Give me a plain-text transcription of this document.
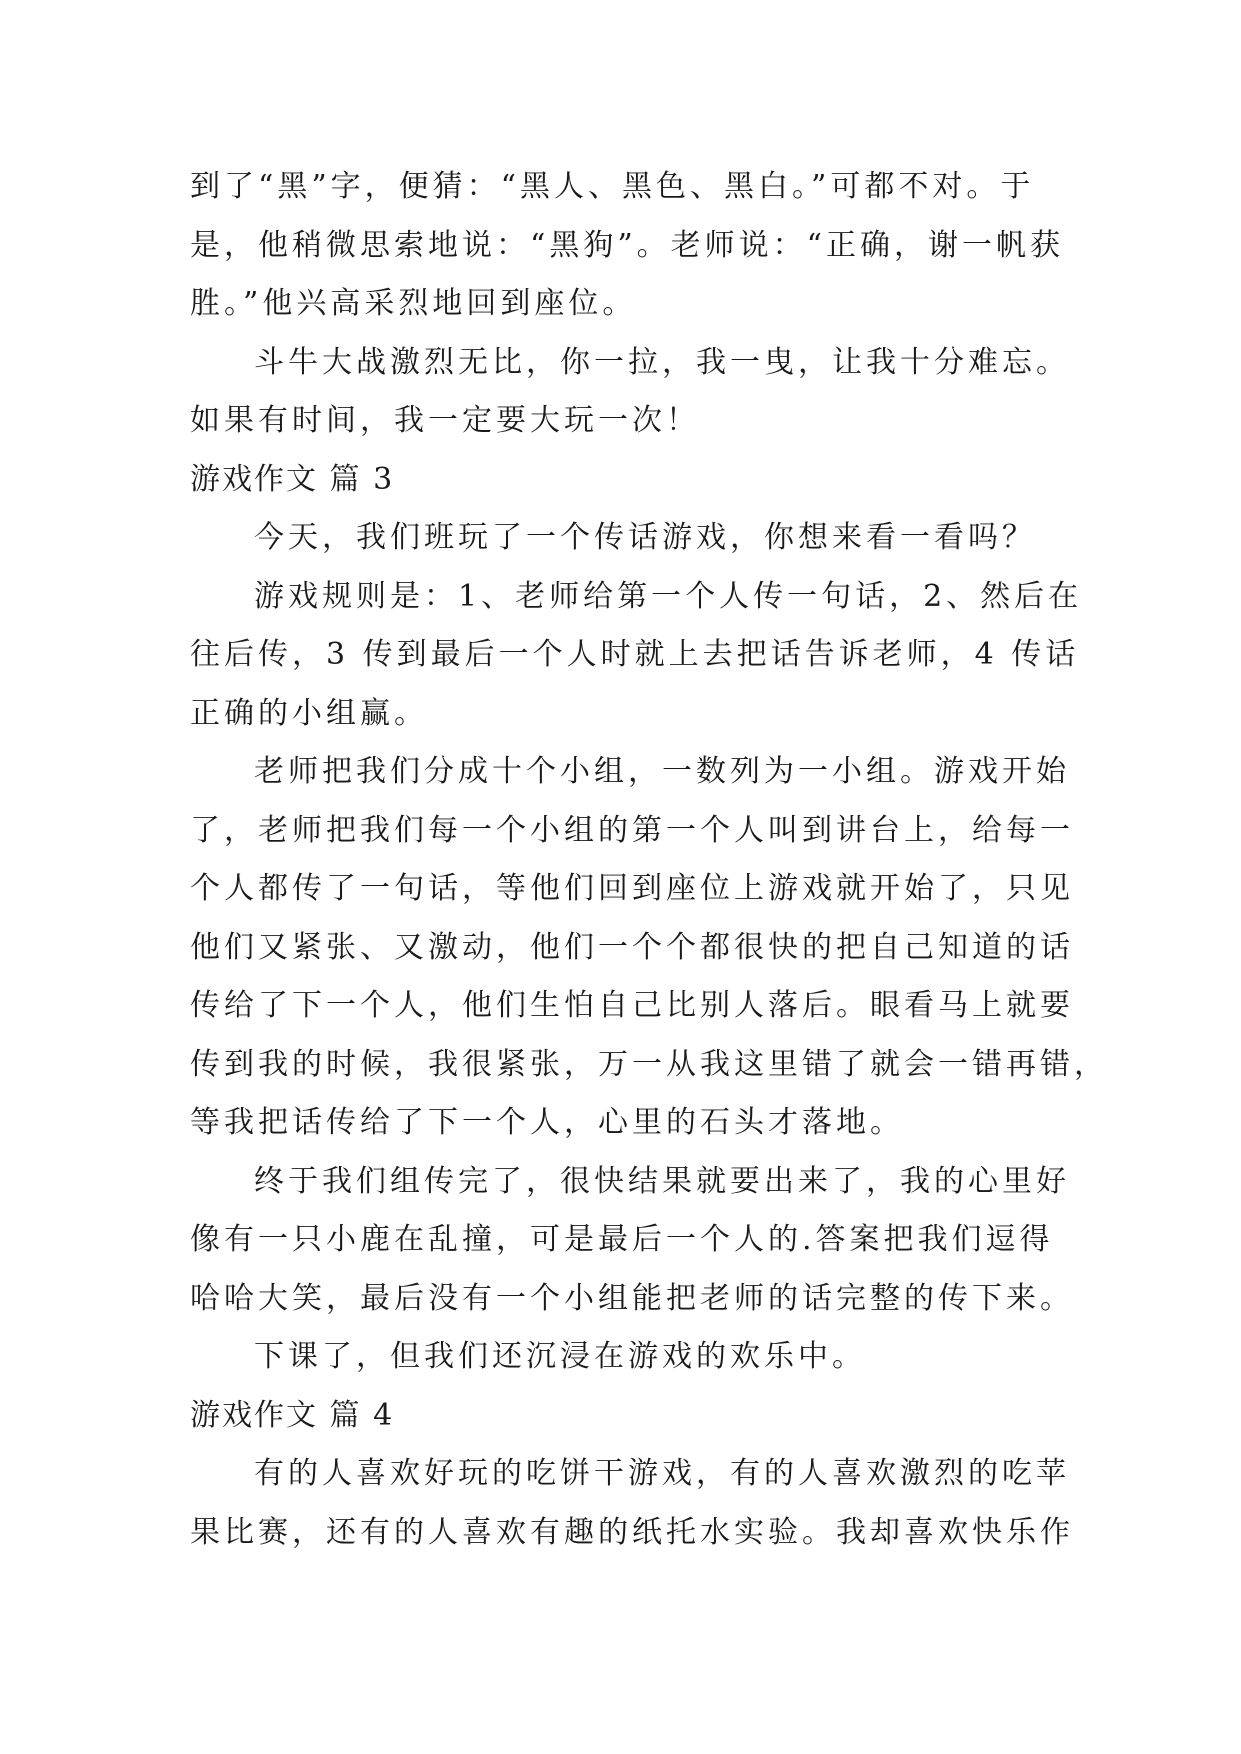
到了“黑”字，便猜：“黑人、黑色、黑白。”可都不对。于
是，他稍微思索地说：“黑狗”。老师说：“正确，谢一帆获
胜。”他兴高采烈地回到座位。
斗牛大战激烈无比，你一拉，我一曳，让我十分难忘。
如果有时间，我一定要大玩一次！
游戏作文 篇 3
今天，我们班玩了一个传话游戏，你想来看一看吗？
游戏规则是：1、老师给第一个人传一句话，2、然后在
往后传，3 传到最后一个人时就上去把话告诉老师，4 传话
正确的小组赢。
老师把我们分成十个小组，一数列为一小组。游戏开始
了，老师把我们每一个小组的第一个人叫到讲台上，给每一
个人都传了一句话，等他们回到座位上游戏就开始了，只见
他们又紧张、又激动，他们一个个都很快的把自己知道的话
传给了下一个人，他们生怕自己比别人落后。眼看马上就要
传到我的时候，我很紧张，万一从我这里错了就会一错再错，
等我把话传给了下一个人，心里的石头才落地。
终于我们组传完了，很快结果就要出来了，我的心里好
像有一只小鹿在乱撞，可是最后一个人的.答案把我们逗得
哈哈大笑，最后没有一个小组能把老师的话完整的传下来。
下课了，但我们还沉浸在游戏的欢乐中。
游戏作文 篇 4
有的人喜欢好玩的吃饼干游戏，有的人喜欢激烈的吃苹
果比赛，还有的人喜欢有趣的纸托水实验。我却喜欢快乐作
